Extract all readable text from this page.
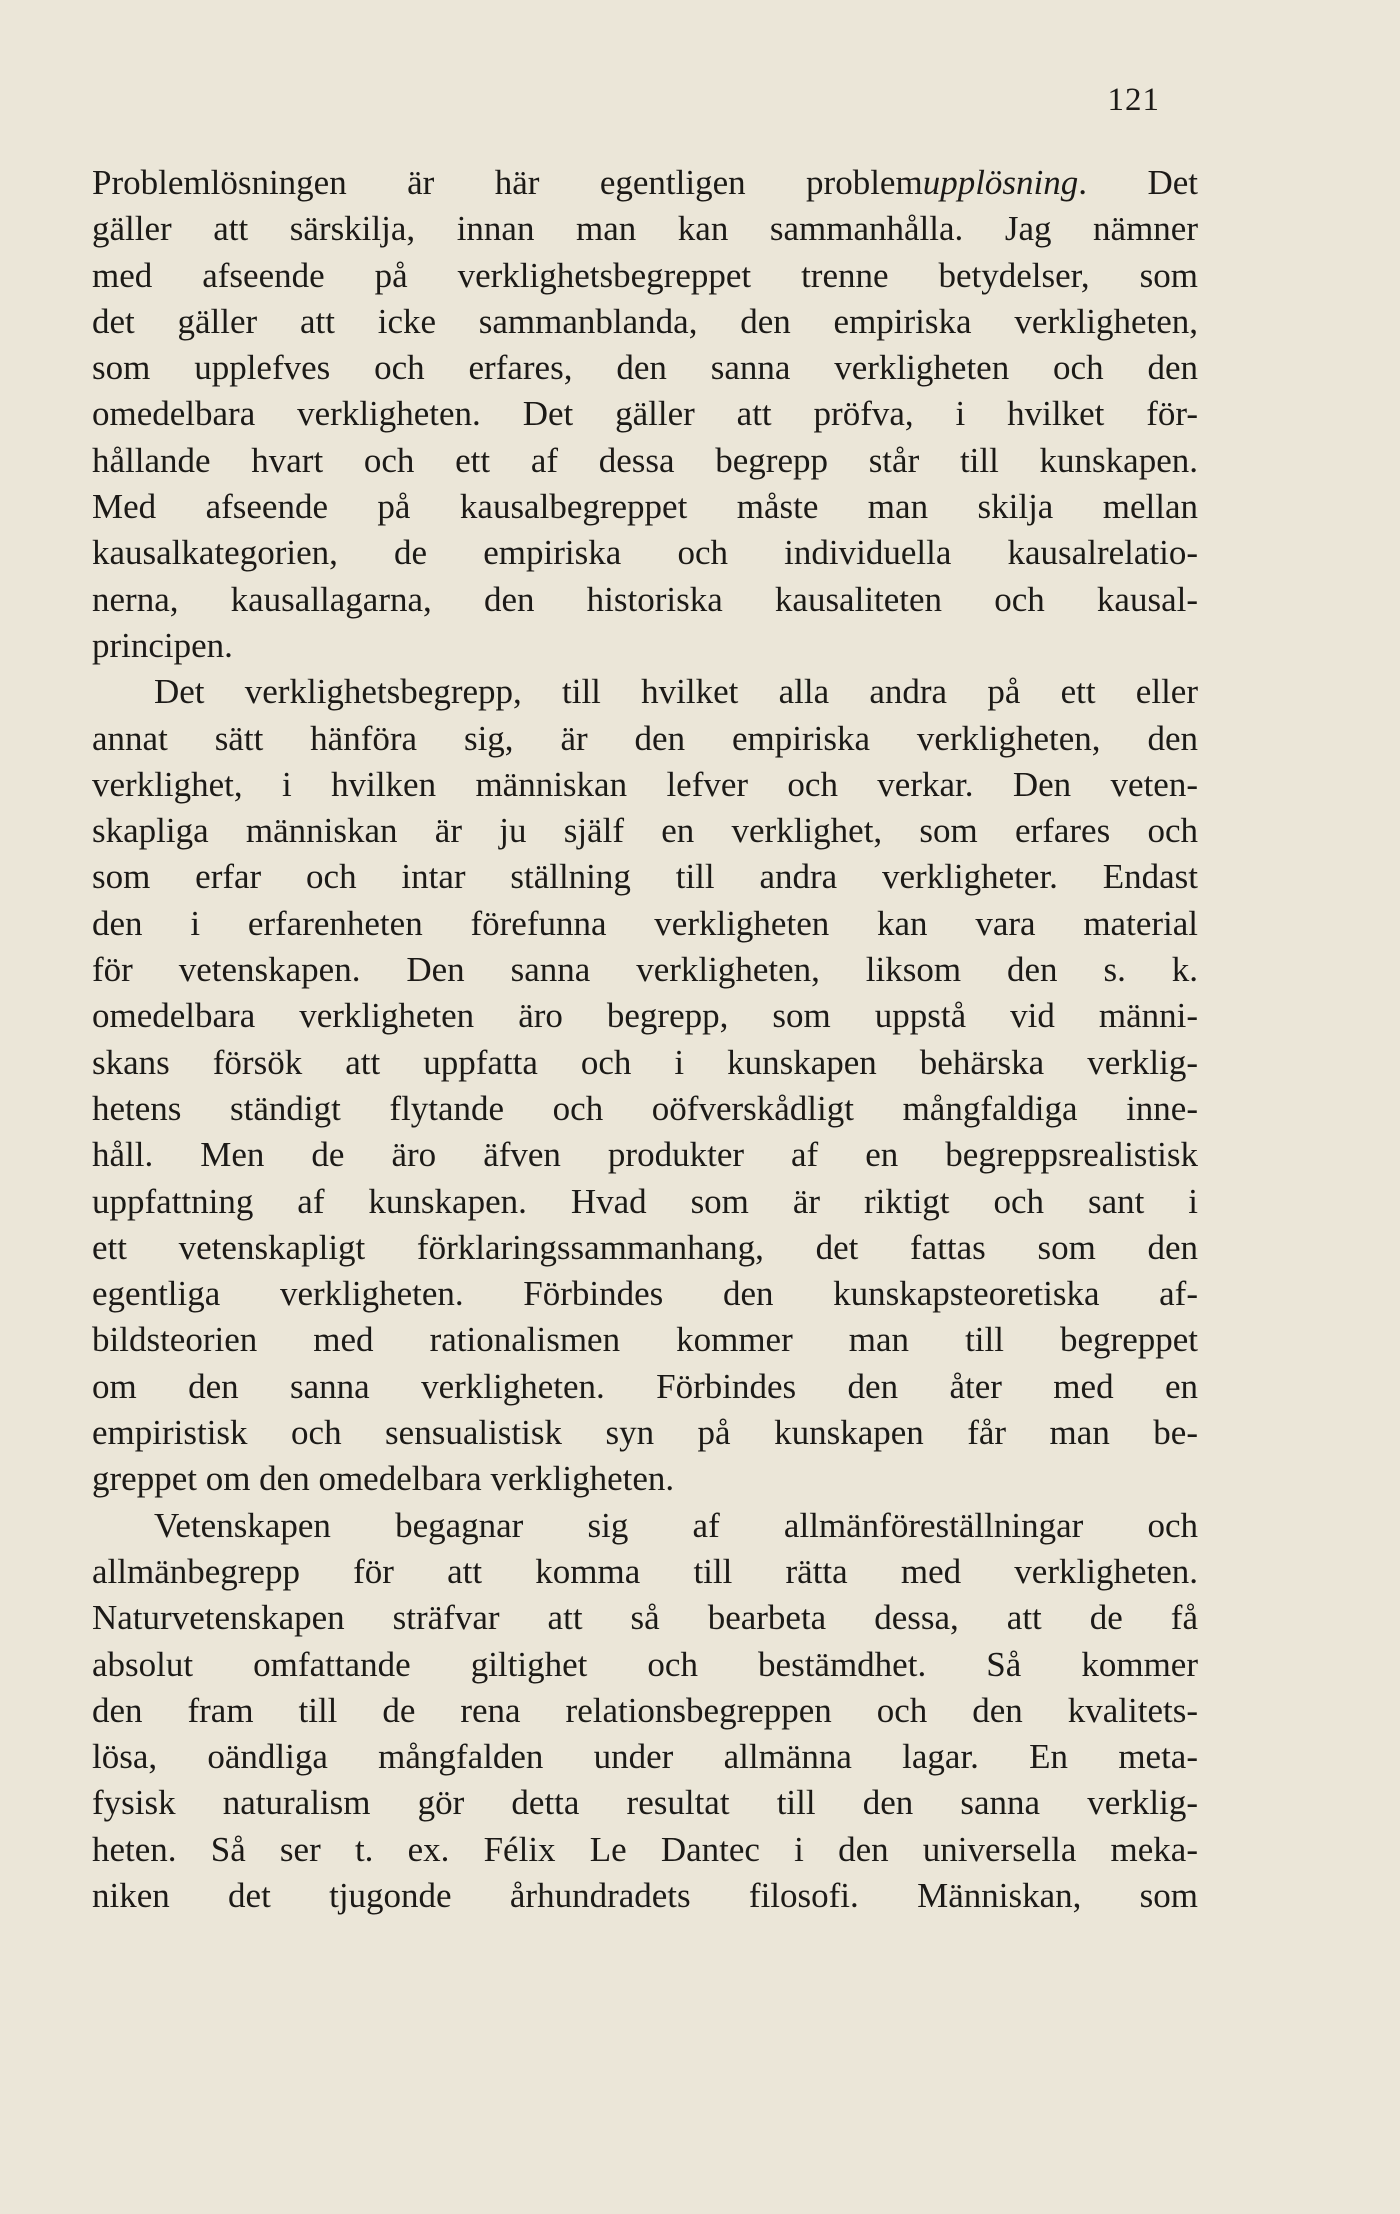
121
Problemlösningen är här egentligen problemupplösning. Det
gäller att särskilja, innan man kan sammanhålla. Jag nämner
med afseende på verklighetsbegreppet trenne betydelser, som
det gäller att icke sammanblanda, den empiriska verkligheten,
som upplefves och erfares, den sanna verkligheten och den
omedelbara verkligheten. Det gäller att pröfva, i hvilket för-
hållande hvart och ett af dessa begrepp står till kunskapen.
Med afseende på kausalbegreppet måste man skilja mellan
kausalkategorien, de empiriska och individuella kausalrelatio-
nerna, kausallagarna, den historiska kausaliteten och kausal-
principen.
Det verklighetsbegrepp, till hvilket alla andra på ett eller
annat sätt hänföra sig, är den empiriska verkligheten, den
verklighet, i hvilken människan lefver och verkar. Den veten-
skapliga människan är ju själf en verklighet, som erfares och
som erfar och intar ställning till andra verkligheter. Endast
den i erfarenheten förefunna verkligheten kan vara material
för vetenskapen. Den sanna verkligheten, liksom den s. k.
omedelbara verkligheten äro begrepp, som uppstå vid männi-
skans försök att uppfatta och i kunskapen behärska verklig-
hetens ständigt flytande och oöfverskådligt mångfaldiga inne-
håll. Men de äro äfven produkter af en begreppsrealistisk
uppfattning af kunskapen. Hvad som är riktigt och sant i
ett vetenskapligt förklaringssammanhang, det fattas som den
egentliga verkligheten. Förbindes den kunskapsteoretiska af-
bildsteorien med rationalismen kommer man till begreppet
om den sanna verkligheten. Förbindes den åter med en
empiristisk och sensualistisk syn på kunskapen får man be-
greppet om den omedelbara verkligheten.
Vetenskapen begagnar sig af allmänföreställningar och
allmänbegrepp för att komma till rätta med verkligheten.
Naturvetenskapen sträfvar att så bearbeta dessa, att de få
absolut omfattande giltighet och bestämdhet. Så kommer
den fram till de rena relationsbegreppen och den kvalitets-
lösa, oändliga mångfalden under allmänna lagar. En meta-
fysisk naturalism gör detta resultat till den sanna verklig-
heten. Så ser t. ex. Félix Le Dantec i den universella meka-
niken det tjugonde århundradets filosofi. Människan, som
